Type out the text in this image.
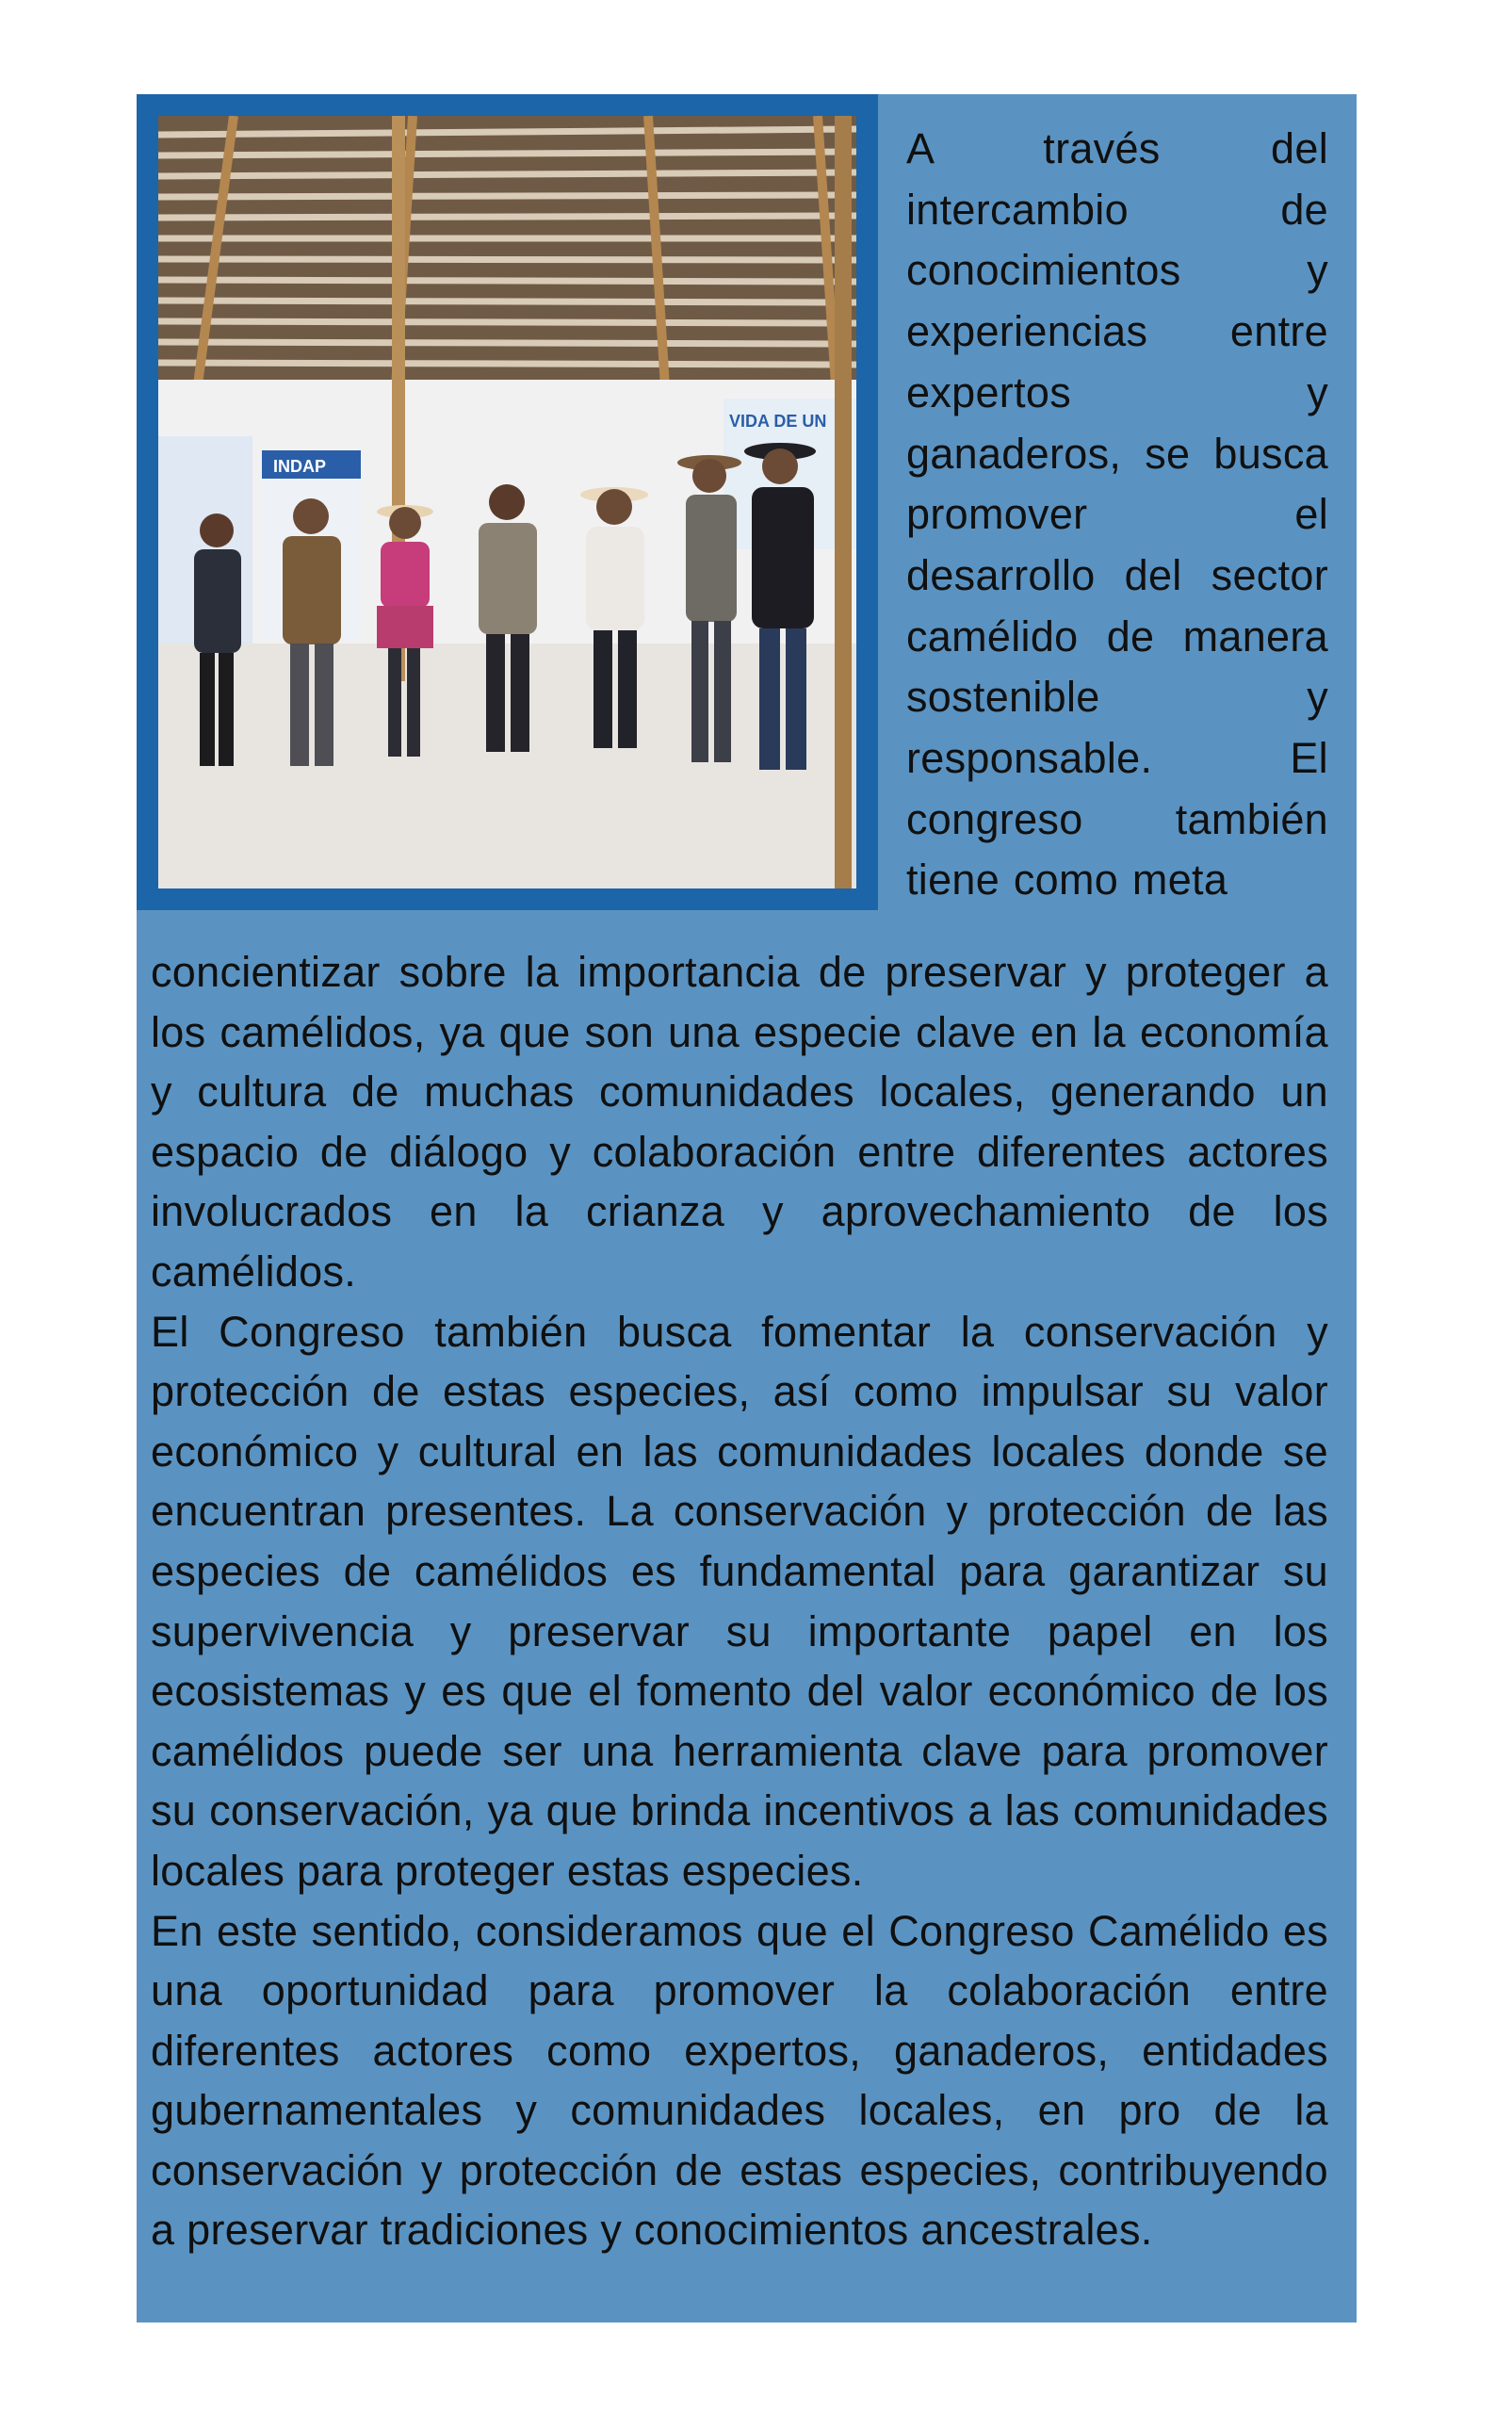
INDAP
VIDA DE UN
A través del intercambio de conocimientos y experiencias entre expertos y ganaderos, se busca promover el desarrollo del sector camélido de manera sostenible y responsable. El congreso también tiene como meta

concientizar sobre la importancia de preservar y proteger a los camélidos, ya que son una especie clave en la economía y cultura de muchas comunidades locales, generando un espacio de diálogo y colaboración entre diferentes actores involucrados en la crianza y aprovechamiento de los camélidos.

El Congreso también busca fomentar la conservación y protección de estas especies, así como impulsar su valor económico y cultural en las comunidades locales donde se encuentran presentes. La conservación y protección de las especies de camélidos es fundamental para garantizar su supervivencia y preservar su importante papel en los ecosistemas y es que el fomento del valor económico de los camélidos puede ser una herramienta clave para promover su conservación, ya que brinda incentivos a las comunidades locales para proteger estas especies.

En este sentido, consideramos que el Congreso Camélido es una oportunidad para promover la colaboración entre diferentes actores como expertos, ganaderos, entidades gubernamentales y comunidades locales, en pro de la conservación y protección de estas especies, contribuyendo a preservar tradiciones y conocimientos ancestrales.
